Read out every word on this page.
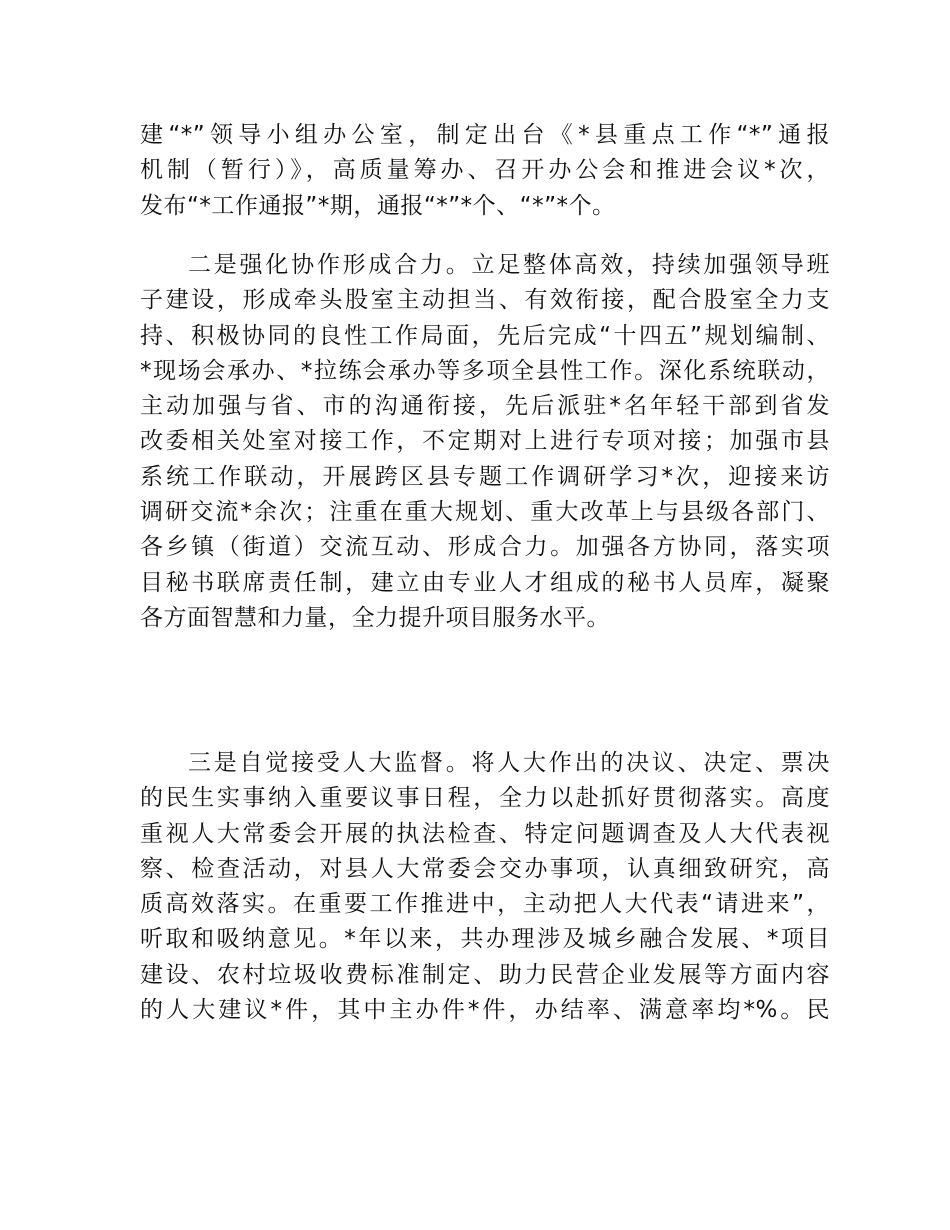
建“*”领导小组办公室，制定出台《*县重点工作“*”通报
机制（暂行）》，高质量筹办、召开办公会和推进会议*次，
发布“*工作通报”*期，通报“*”*个、“*”*个。
二是强化协作形成合力。立足整体高效，持续加强领导班
子建设，形成牵头股室主动担当、有效衔接，配合股室全力支
持、积极协同的良性工作局面，先后完成“十四五”规划编制、
*现场会承办、*拉练会承办等多项全县性工作。深化系统联动，
主动加强与省、市的沟通衔接，先后派驻*名年轻干部到省发
改委相关处室对接工作，不定期对上进行专项对接；加强市县
系统工作联动，开展跨区县专题工作调研学习*次，迎接来访
调研交流*余次；注重在重大规划、重大改革上与县级各部门、
各乡镇（街道）交流互动、形成合力。加强各方协同，落实项
目秘书联席责任制，建立由专业人才组成的秘书人员库，凝聚
各方面智慧和力量，全力提升项目服务水平。
三是自觉接受人大监督。将人大作出的决议、决定、票决
的民生实事纳入重要议事日程，全力以赴抓好贯彻落实。高度
重视人大常委会开展的执法检查、特定问题调查及人大代表视
察、检查活动，对县人大常委会交办事项，认真细致研究，高
质高效落实。在重要工作推进中，主动把人大代表“请进来”，
听取和吸纳意见。*年以来，共办理涉及城乡融合发展、*项目
建设、农村垃圾收费标准制定、助力民营企业发展等方面内容
的人大建议*件，其中主办件*件，办结率、满意率均*%。民
